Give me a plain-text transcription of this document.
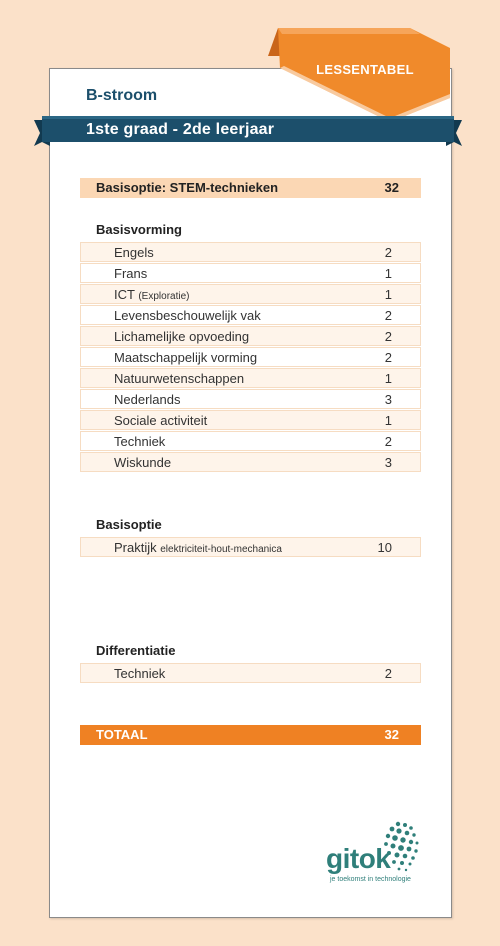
LESSENTABEL
B-stroom
1ste graad - 2de leerjaar
Basisoptie: STEM-technieken	32
Basisvorming
Engels	2
Frans	1
ICT (Exploratie)	1
Levensbeschouwelijk vak	2
Lichamelijke opvoeding	2
Maatschappelijk vorming	2
Natuurwetenschappen	1
Nederlands	3
Sociale activiteit	1
Techniek	2
Wiskunde	3
Basisoptie
Praktijk elektriciteit-hout-mechanica	10
Differentiatie
Techniek	2
TOTAAL	32
gitok
je toekomst in technologie
